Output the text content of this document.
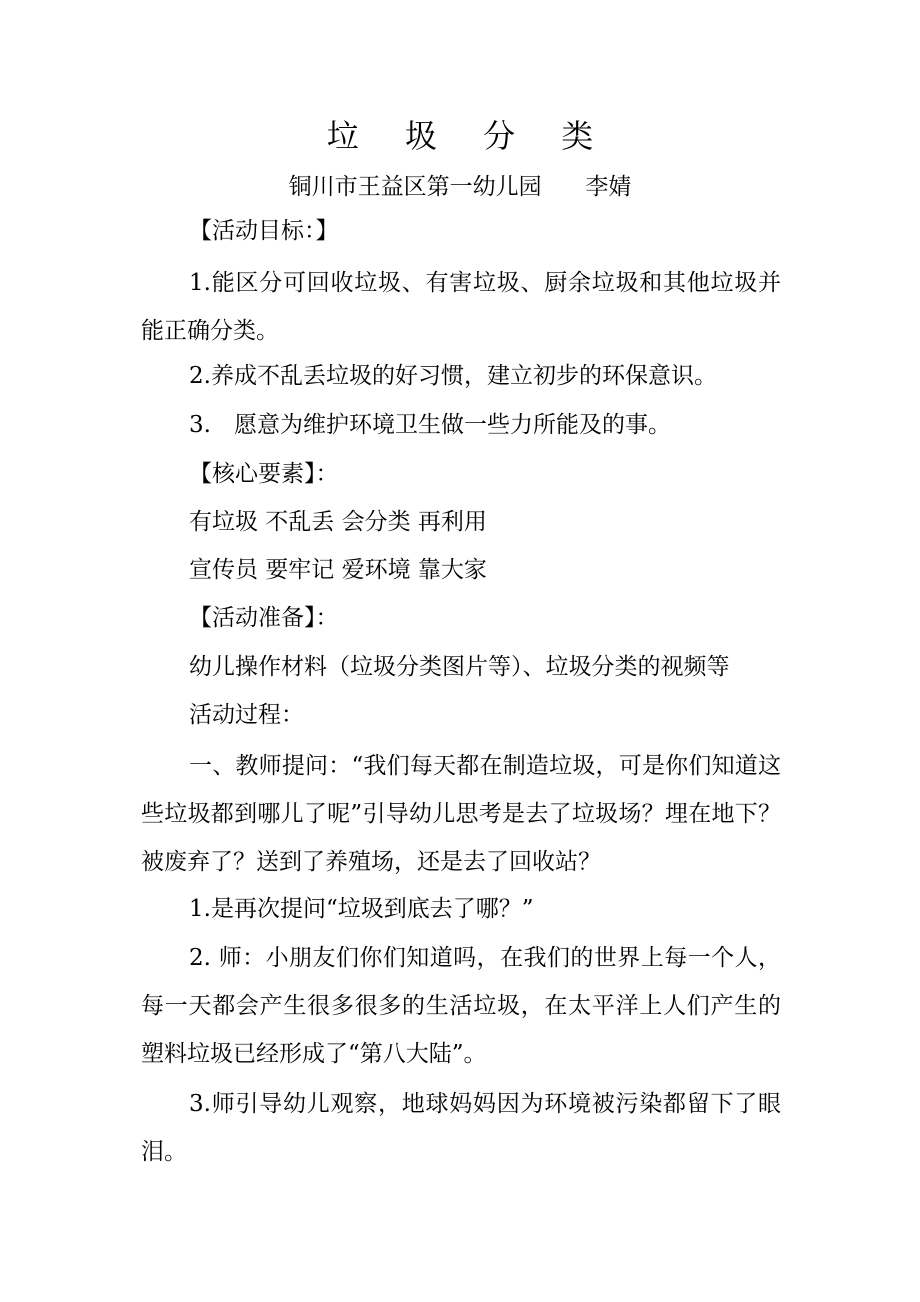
垃 圾 分 类
铜川市王益区第一幼儿园      李婧
【活动目标：】
1.能区分可回收垃圾、有害垃圾、厨余垃圾和其他垃圾并能正确分类。
2.养成不乱丢垃圾的好习惯，建立初步的环保意识。
3.　愿意为维护环境卫生做一些力所能及的事。
【核心要素】：
有垃圾 不乱丢 会分类 再利用
宣传员 要牢记 爱环境 靠大家
【活动准备】：
幼儿操作材料（垃圾分类图片等）、垃圾分类的视频等
活动过程：
一、教师提问：“我们每天都在制造垃圾，可是你们知道这些垃圾都到哪儿了呢”引导幼儿思考是去了垃圾场？埋在地下？被废弃了？送到了养殖场，还是去了回收站？
1.是再次提问“垃圾到底去了哪？”
2. 师：小朋友们你们知道吗，在我们的世界上每一个人，每一天都会产生很多很多的生活垃圾，在太平洋上人们产生的塑料垃圾已经形成了“第八大陆”。
3.师引导幼儿观察，地球妈妈因为环境被污染都留下了眼泪。
